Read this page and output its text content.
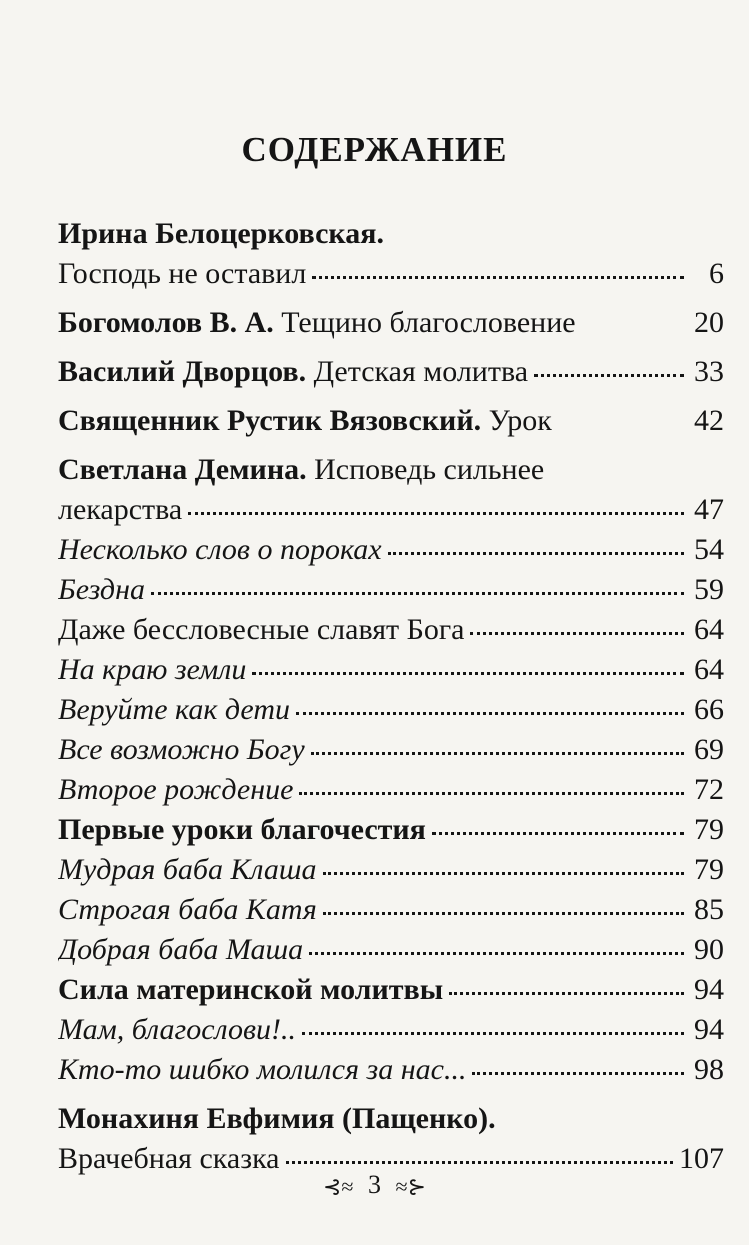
СОДЕРЖАНИЕ
Ирина Белоцерковская.
Господь не оставил	6
Богомолов В. А. Тещино благословение	20
Василий Дворцов. Детская молитва	33
Священник Рустик Вязовский. Урок	42
Светлана Демина. Исповедь сильнее
лекарства	47
Несколько слов о пороках	54
Бездна	59
Даже бессловесные славят Бога	64
На краю земли	64
Веруйте как дети	66
Все возможно Богу	69
Второе рождение	72
Первые уроки благочестия	79
Мудрая баба Клаша	79
Строгая баба Катя	85
Добрая баба Маша	90
Сила материнской молитвы	94
Мам, благослови!..	94
Кто-то шибко молился за нас...	98
Монахиня Евфимия (Пащенко).
Врачебная сказка	107
⊰≈ 3 ≈⊱
